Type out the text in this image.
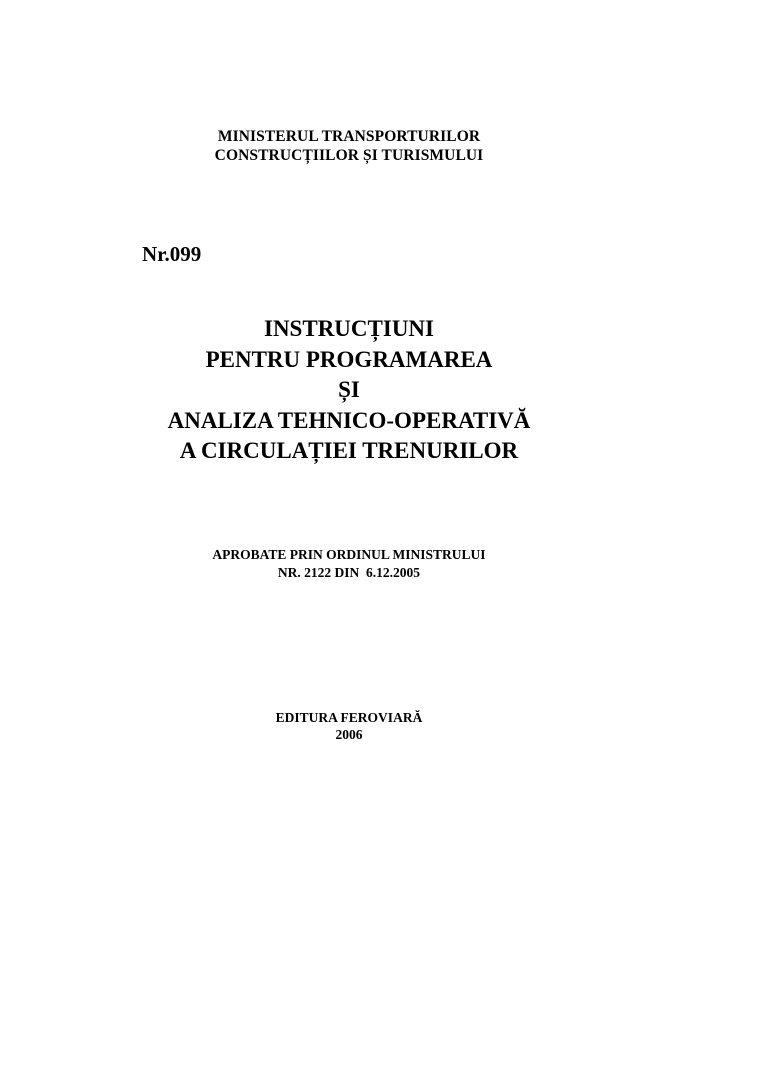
MINISTERUL TRANSPORTURILOR
CONSTRUCȚIILOR ȘI TURISMULUI
Nr.099
INSTRUCȚIUNI
PENTRU PROGRAMAREA
ȘI
ANALIZA TEHNICO-OPERATIVĂ
A CIRCULAȚIEI TRENURILOR
APROBATE PRIN ORDINUL MINISTRULUI
NR. 2122 DIN  6.12.2005
EDITURA FEROVIARĂ
2006
